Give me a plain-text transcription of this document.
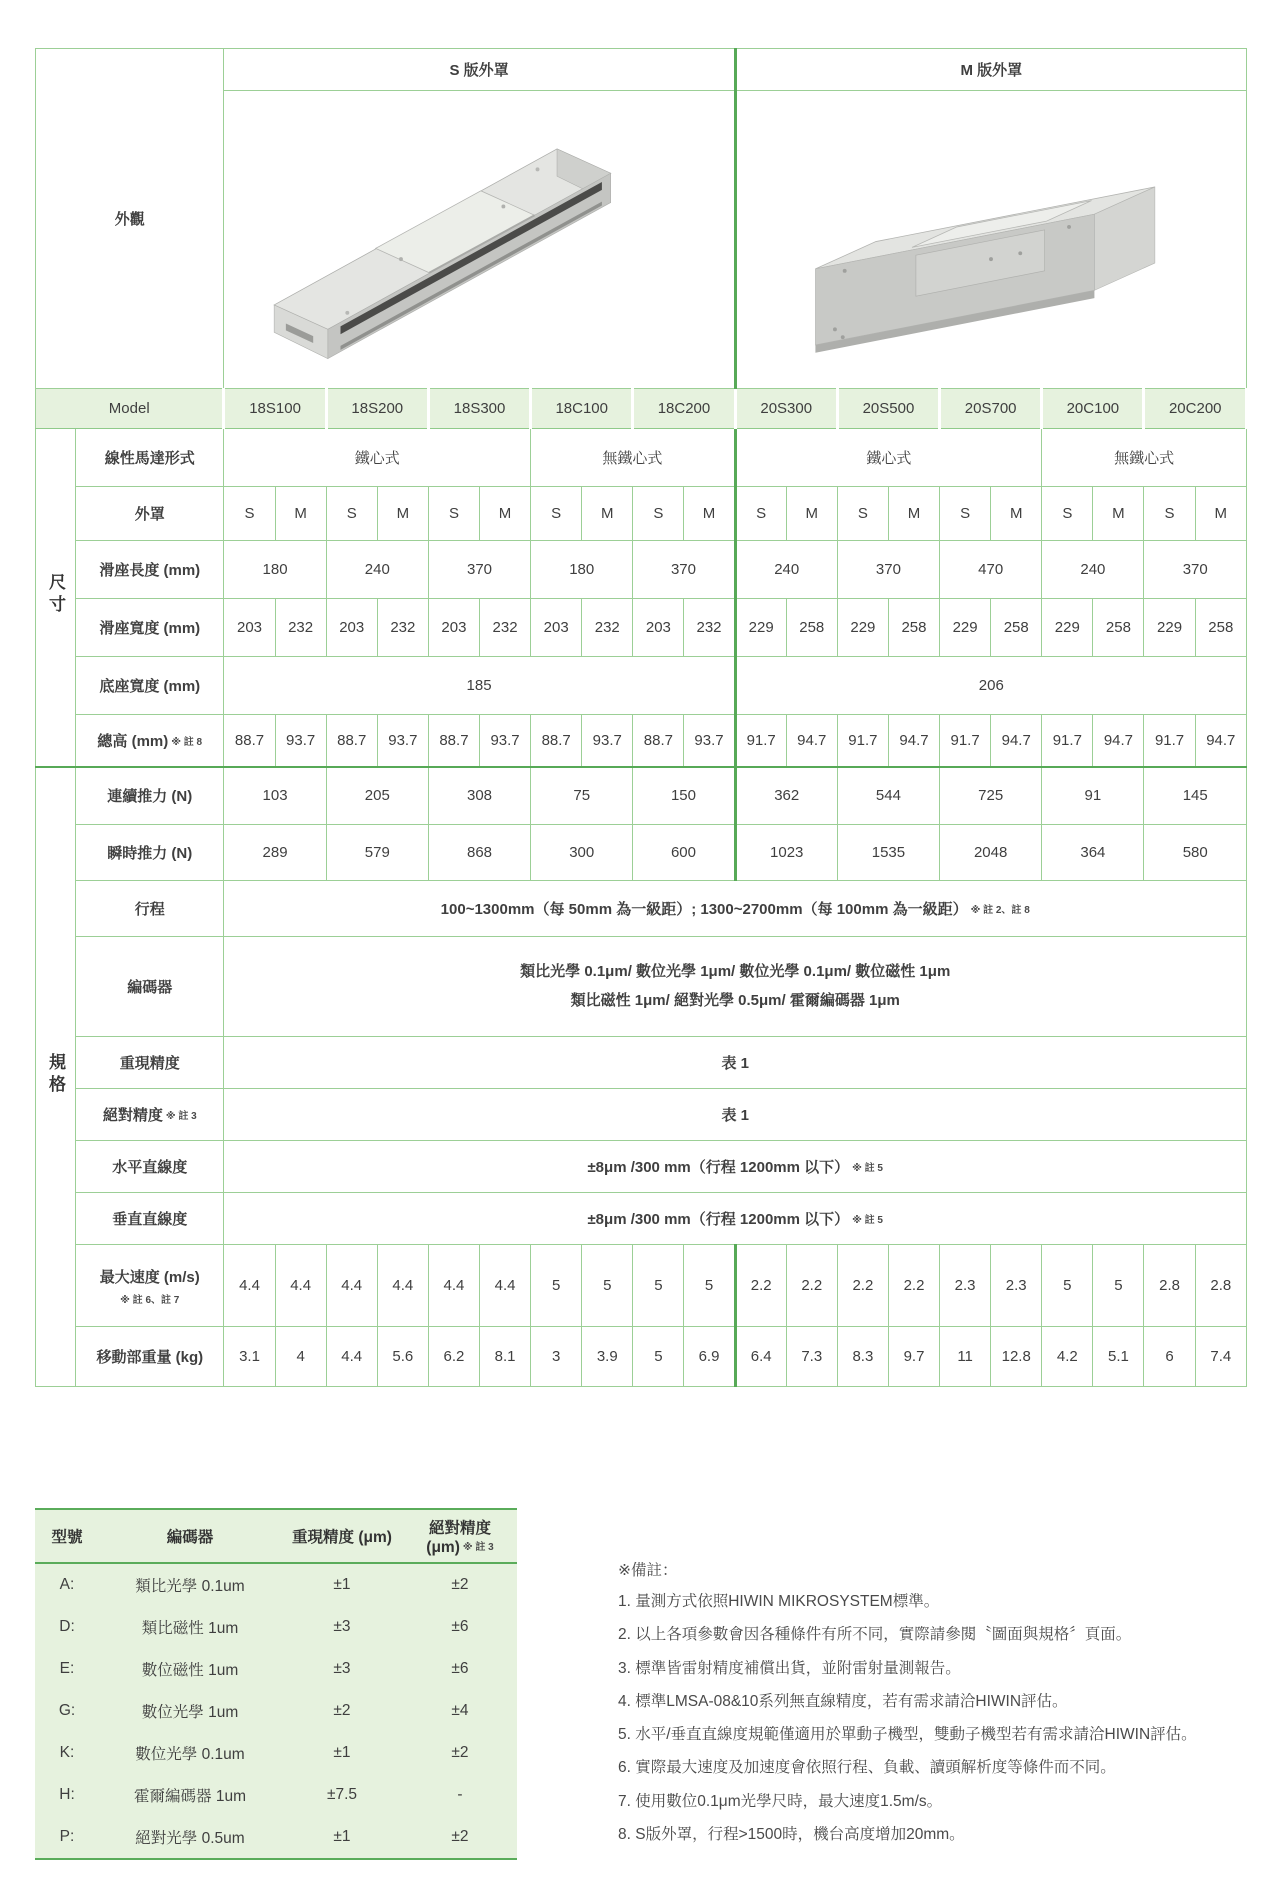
外觀		S 版外罩										M 版外罩									

Model		18S100		18S200		18S300		18C100		18C200		20S300		20S500		20S700		20C100		20C200	
尺寸	線性馬達形式	鐵心式						無鐵心式				鐵心式						無鐵心式			
	外罩	S	M	S	M	S	M	S	M	S	M	S	M	S	M	S	M	S	M	S	M
	滑座長度 (mm)	180		240		370		180		370		240		370		470		240		370	
	滑座寬度 (mm)	203	232	203	232	203	232	203	232	203	232	229	258	229	258	229	258	229	258	229	258
	底座寬度 (mm)	185										206									
	總高 (mm) ※ 註 8	88.7	93.7	88.7	93.7	88.7	93.7	88.7	93.7	88.7	93.7	91.7	94.7	91.7	94.7	91.7	94.7	91.7	94.7	91.7	94.7
規格	連續推力 (N)	103		205		308		75		150		362		544		725		91		145	
	瞬時推力 (N)	289		579		868		300		600		1023		1535		2048		364		580	
	行程	100~1300mm（每 50mm 為一級距）; 1300~2700mm（每 100mm 為一級距） ※ 註 2、註 8																			
	編碼器	類比光學 0.1μm/ 數位光學 1μm/ 數位光學 0.1μm/ 數位磁性 1μm
類比磁性 1μm/ 絕對光學 0.5μm/ 霍爾編碼器 1μm																			

	重現精度	表 1																			
	絕對精度 ※ 註 3	表 1																			
	水平直線度	±8μm /300 mm（行程 1200mm 以下） ※ 註 5																			
	垂直直線度	±8μm /300 mm（行程 1200mm 以下） ※ 註 5																			

	最大速度 (m/s)
※ 註 6、註 7	4.4	4.4	4.4	4.4	4.4	4.4	5	5	5	5	2.2	2.2	2.2	2.2	2.3	2.3	5	5	2.8	2.8
	移動部重量 (kg)	3.1	4	4.4	5.6	6.2	8.1	3	3.9	5	6.9	6.4	7.3	8.3	9.7	11	12.8	4.2	5.1	6	7.4
型號	編碼器	重現精度 (μm)	絕對精度 (μm) ※ 註 3
A:	類比光學 0.1um	±1	±2
D:	類比磁性 1um	±3	±6
E:	數位磁性 1um	±3	±6
G:	數位光學 1um	±2	±4
K:	數位光學 0.1um	±1	±2
H:	霍爾編碼器 1um	±7.5	-
P:	絕對光學 0.5um	±1	±2
※備註：
1. 量測方式依照HIWIN MIKROSYSTEM標準。
2. 以上各項參數會因各種條件有所不同，實際請參閱〝圖面與規格〞頁面。
3. 標準皆雷射精度補償出貨，並附雷射量測報告。
4. 標準LMSA-08&10系列無直線精度，若有需求請洽HIWIN評估。
5. 水平/垂直直線度規範僅適用於單動子機型，雙動子機型若有需求請洽HIWIN評估。
6. 實際最大速度及加速度會依照行程、負載、讀頭解析度等條件而不同。
7. 使用數位0.1μm光學尺時，最大速度1.5m/s。
8. S版外罩，行程>1500時，機台高度增加20mm。
